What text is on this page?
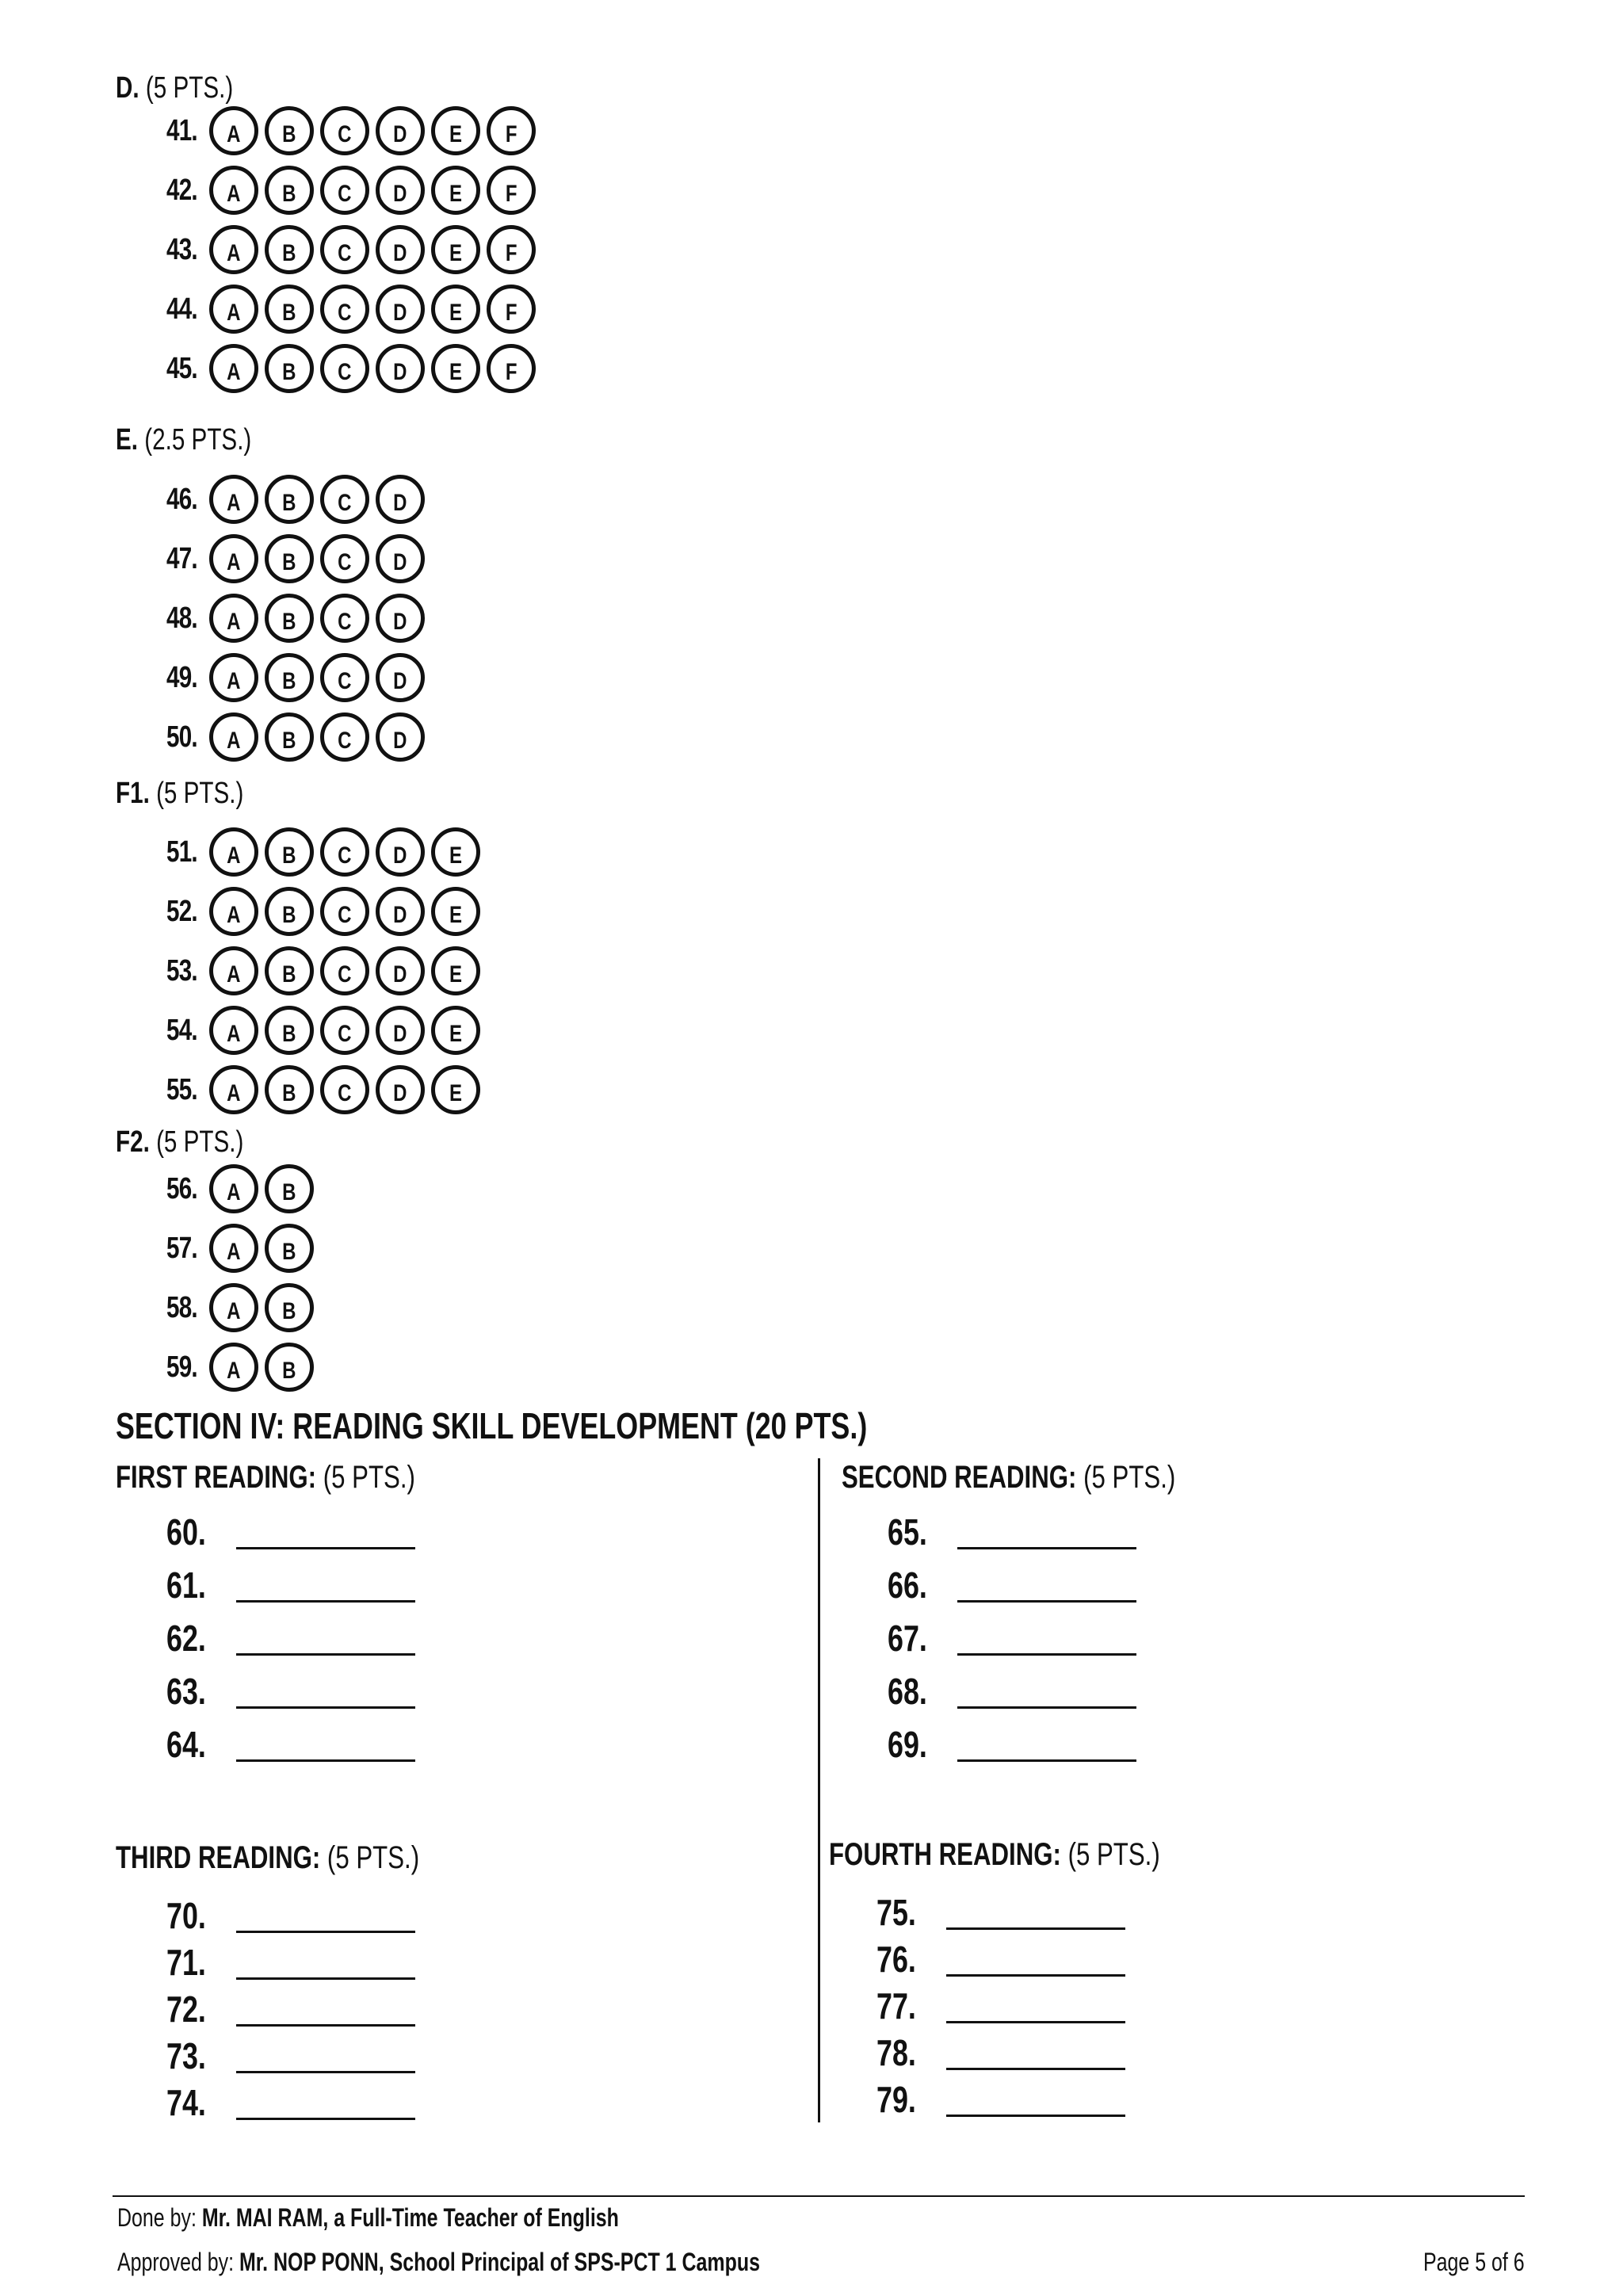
D. (5 PTS.)
41.	A B C D E F
42.	A B C D E F
43.	A B C D E F
44.	A B C D E F
45.	A B C D E F
E. (2.5 PTS.)
46.	A B C D
47.	A B C D
48.	A B C D
49.	A B C D
50.	A B C D
F1. (5 PTS.)
51.	A B C D E
52.	A B C D E
53.	A B C D E
54.	A B C D E
55.	A B C D E
F2. (5 PTS.)
56.	A B
57.	A B
58.	A B
59.	A B
SECTION IV: READING SKILL DEVELOPMENT (20 PTS.)
FIRST READING: (5 PTS.)	SECOND READING: (5 PTS.)
THIRD READING: (5 PTS.)	FOURTH READING: (5 PTS.)
60.
61.
62.
63.
64.
65.
66.
67.
68.
69.
70.
71.
72.
73.
74.
75.
76.
77.
78.
79.
Done by: Mr. MAI RAM, a Full-Time Teacher of English
Approved by: Mr. NOP PONN, School Principal of SPS-PCT 1 Campus	Page 5 of 6
